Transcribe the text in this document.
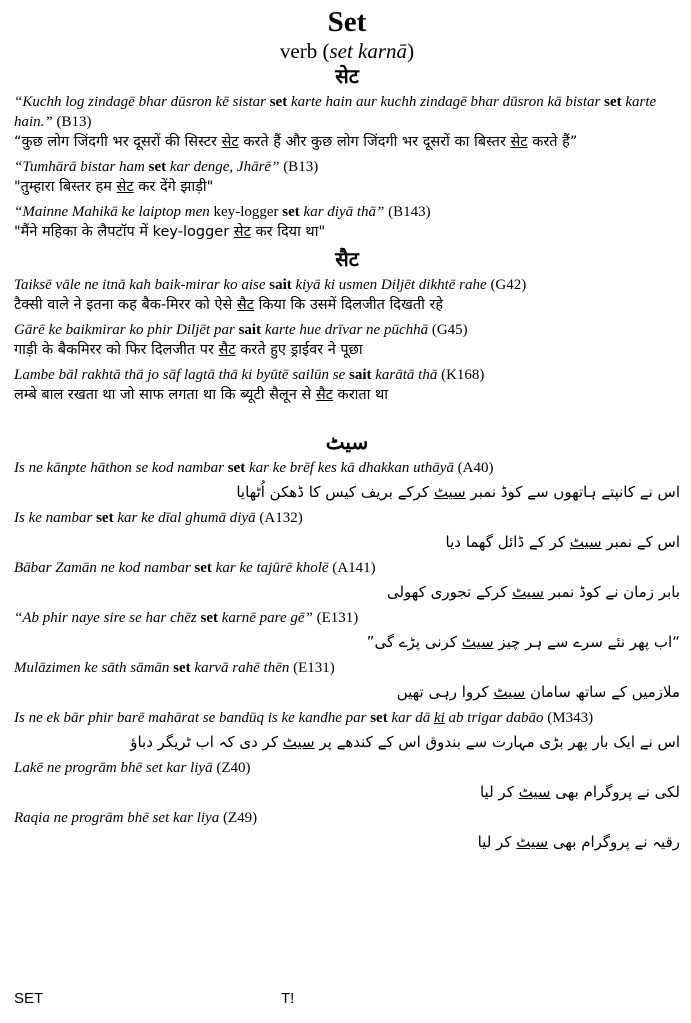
Set

verb (set karnā)

सेट
“Kuchh log zindagē bhar dūsron kē sistar set karte hain aur kuchh zindagē bhar dūsron kā bistar set karte hain.” (B13)
“कुछ लोग जिंदगी भर दूसरों की सिस्टर सेट करते हैं और कुछ लोग जिंदगी भर दूसरों का बिस्तर सेट करते हैं”
“Tumhārā bistar ham set kar denge, Jhārē” (B13)
"तुम्हारा बिस्तर हम सेट कर देंगे झाड़ी"
“Mainne Mahikā ke laiptop men key-logger set kar diyā thā” (B143)
"मैंने महिका के लैपटॉप में key-logger सेट कर दिया था"
सैट
Taiksē vāle ne itnā kah baik-mirar ko aise sait kiyā ki usmen Diljēt dikhtē rahe (G42)
टैक्सी वाले ने इतना कह बैक-मिरर को ऐसे सैट किया कि उसमें दिलजीत दिखती रहे
Gārē ke baikmirar ko phir Diljēt par sait karte hue drīvar ne pūchhā (G45)
गाड़ी के बैकमिरर को फिर दिलजीत पर सैट करते हुए ड्राईवर ने पूछा
Lambe bāl rakhtā thā jo sāf lagtā thā ki byūtē sailūn se sait karātā thā (K168)
लम्बे बाल रखता था जो साफ लगता था कि ब्यूटी सैलून से सैट कराता था
سیٹ
Is ne kānpte hāthon se kod nambar set kar ke brēf kes kā dhakkan uthāyā (A40)
اس نے کانپتے ہاتھوں سے کوڈ نمبر سیٹ کرکے بریف کیس کا ڈھکن اُٹھایا
Is ke nambar set kar ke dīal ghumā diyā (A132)
اس کے نمبر سیٹ کر کے ڈائل گھما دیا
Bābar Zamān ne kod nambar set kar ke tajūrē kholē (A141)
بابر زمان نے کوڈ نمبر سیٹ کرکے تجوری کھولی
“Ab phir naye sire se har chēz set karnē pare gē” (E131)
“اب پھر نئے سرے سے ہر چیز سیٹ کرنی پڑے گی”
Mulāzimen ke sāth sāmān set karvā rahē thēn (E131)
ملازمیں کے ساتھ سامان سیٹ کروا رہی تھیں
Is ne ek bār phir barē mahārat se bandūq is ke kandhe par set kar dā ki ab trigar dabāo (M343)
اس نے ایک بار پھر بڑی مہارت سے بندوق اس کے کندھے پر سیٹ کر دی کہ اب ٹریگر دباؤ
Lakē ne progrām bhē set kar liyā (Z40)
لکی نے پروگرام بھی سیٹ کر لیا
Raqia ne progrām bhē set kar liya (Z49)
رقیہ نے پروگرام بھی سیٹ کر لیا
SET	T!
